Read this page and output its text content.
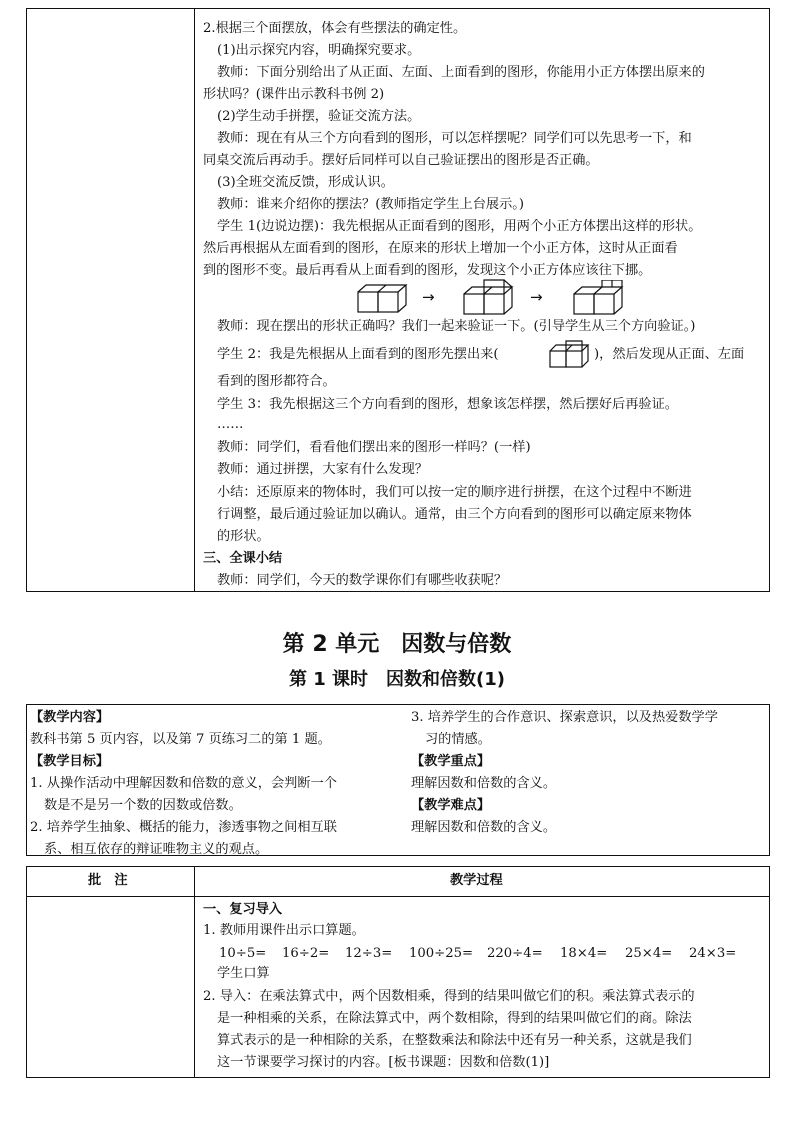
2.根据三个面摆放，体会有些摆法的确定性。
(1)出示探究内容，明确探究要求。
教师：下面分别给出了从正面、左面、上面看到的图形，你能用小正方体摆出原来的
形状吗？(课件出示教科书例 2)
(2)学生动手拼摆，验证交流方法。
教师：现在有从三个方向看到的图形，可以怎样摆呢？同学们可以先思考一下，和
同桌交流后再动手。摆好后同样可以自己验证摆出的图形是否正确。
(3)全班交流反馈，形成认识。
教师：谁来介绍你的摆法？(教师指定学生上台展示。)
学生 1(边说边摆)：我先根据从正面看到的图形，用两个小正方体摆出这样的形状。
然后再根据从左面看到的图形，在原来的形状上增加一个小正方体，这时从正面看
到的图形不变。最后再看从上面看到的图形，发现这个小正方体应该往下挪。
→	→
教师：现在摆出的形状正确吗？我们一起来验证一下。(引导学生从三个方向验证。)
学生 2：我是先根据从上面看到的图形先摆出来(	)，然后发现从正面、左面
看到的图形都符合。
学生 3：我先根据这三个方向看到的图形，想象该怎样摆，然后摆好后再验证。
……
教师：同学们，看看他们摆出来的图形一样吗？(一样)
教师：通过拼摆，大家有什么发现？
小结：还原原来的物体时，我们可以按一定的顺序进行拼摆，在这个过程中不断进
行调整，最后通过验证加以确认。通常，由三个方向看到的图形可以确定原来物体
的形状。
三、全课小结
教师：同学们，今天的数学课你们有哪些收获呢？
第 2 单元　因数与倍数
第 1 课时　因数和倍数(1)
【教学内容】
教科书第 5 页内容，以及第 7 页练习二的第 1 题。
【教学目标】
1. 从操作活动中理解因数和倍数的意义，会判断一个
数是不是另一个数的因数或倍数。
2. 培养学生抽象、概括的能力，渗透事物之间相互联
系、相互依存的辩证唯物主义的观点。
3. 培养学生的合作意识、探索意识，以及热爱数学学
习的情感。
【教学重点】
理解因数和倍数的含义。
【教学难点】
理解因数和倍数的含义。
批　注	教学过程
一、复习导入
1. 教师用课件出示口算题。
10÷5= 16÷2= 12÷3= 100÷25= 220÷4= 18×4= 25×4= 24×3=
学生口算
2. 导入：在乘法算式中，两个因数相乘，得到的结果叫做它们的积。乘法算式表示的
是一种相乘的关系，在除法算式中，两个数相除，得到的结果叫做它们的商。除法
算式表示的是一种相除的关系，在整数乘法和除法中还有另一种关系，这就是我们
这一节课要学习探讨的内容。[板书课题：因数和倍数(1)]
